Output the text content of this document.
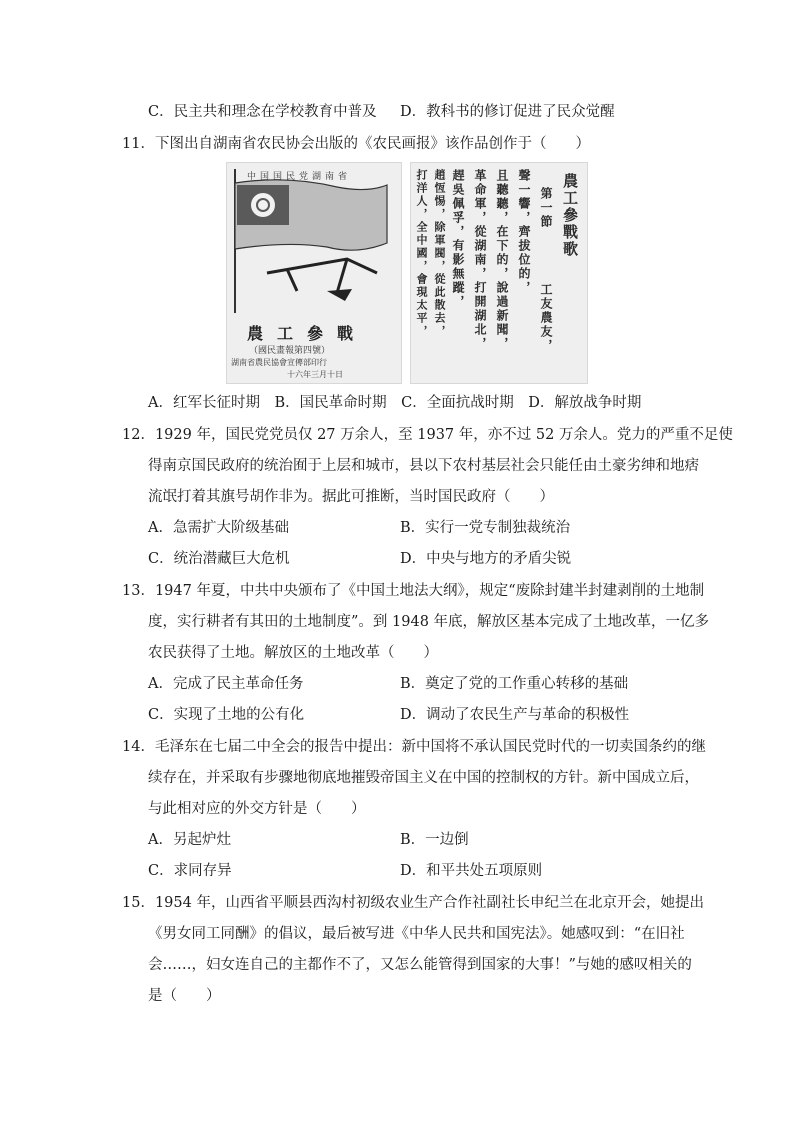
C．民主共和理念在学校教育中普及 D．教科书的修订促进了民众觉醒
11．下图出自湖南省农民协会出版的《农民画报》该作品创作于（　　）
中国国民党湖南省
農工參戰
（國民畫報第四號）
湖南省農民協會宣傳部印行
十六年三月十日
農工參戰歌
第一節
工友農友，
聲一響，齊拔位的，
且聽聽，在下的，說過新聞，
革命軍，從湖南，打開湖北，
趕吳佩孚，有影無蹤，
趙恆惕，除軍閥，從此散去，
打洋人，全中國，會現太平，
A．红军长征时期　B．国民革命时期　C．全面抗战时期　D．解放战争时期
12．1929 年，国民党党员仅 27 万余人，至 1937 年，亦不过 52 万余人。党力的严重不足使
得南京国民政府的统治囿于上层和城市，县以下农村基层社会只能任由土豪劣绅和地痞
流氓打着其旗号胡作非为。据此可推断，当时国民政府（　　）
A．急需扩大阶级基础	B．实行一党专制独裁统治
C．统治潜藏巨大危机	D．中央与地方的矛盾尖锐
13．1947 年夏，中共中央颁布了《中国土地法大纲》，规定“废除封建半封建剥削的土地制
度，实行耕者有其田的土地制度”。到 1948 年底，解放区基本完成了土地改革，一亿多
农民获得了土地。解放区的土地改革（　　）
A．完成了民主革命任务	B．奠定了党的工作重心转移的基础
C．实现了土地的公有化	D．调动了农民生产与革命的积极性
14．毛泽东在七届二中全会的报告中提出：新中国将不承认国民党时代的一切卖国条约的继
续存在，并采取有步骤地彻底地摧毁帝国主义在中国的控制权的方针。新中国成立后，
与此相对应的外交方针是（　　）
A．另起炉灶	B．一边倒
C．求同存异	D．和平共处五项原则
15．1954 年，山西省平顺县西沟村初级农业生产合作社副社长申纪兰在北京开会，她提出
《男女同工同酬》的倡议，最后被写进《中华人民共和国宪法》。她感叹到：“在旧社
会……，妇女连自己的主都作不了，又怎么能管得到国家的大事！”与她的感叹相关的
是（　　）
